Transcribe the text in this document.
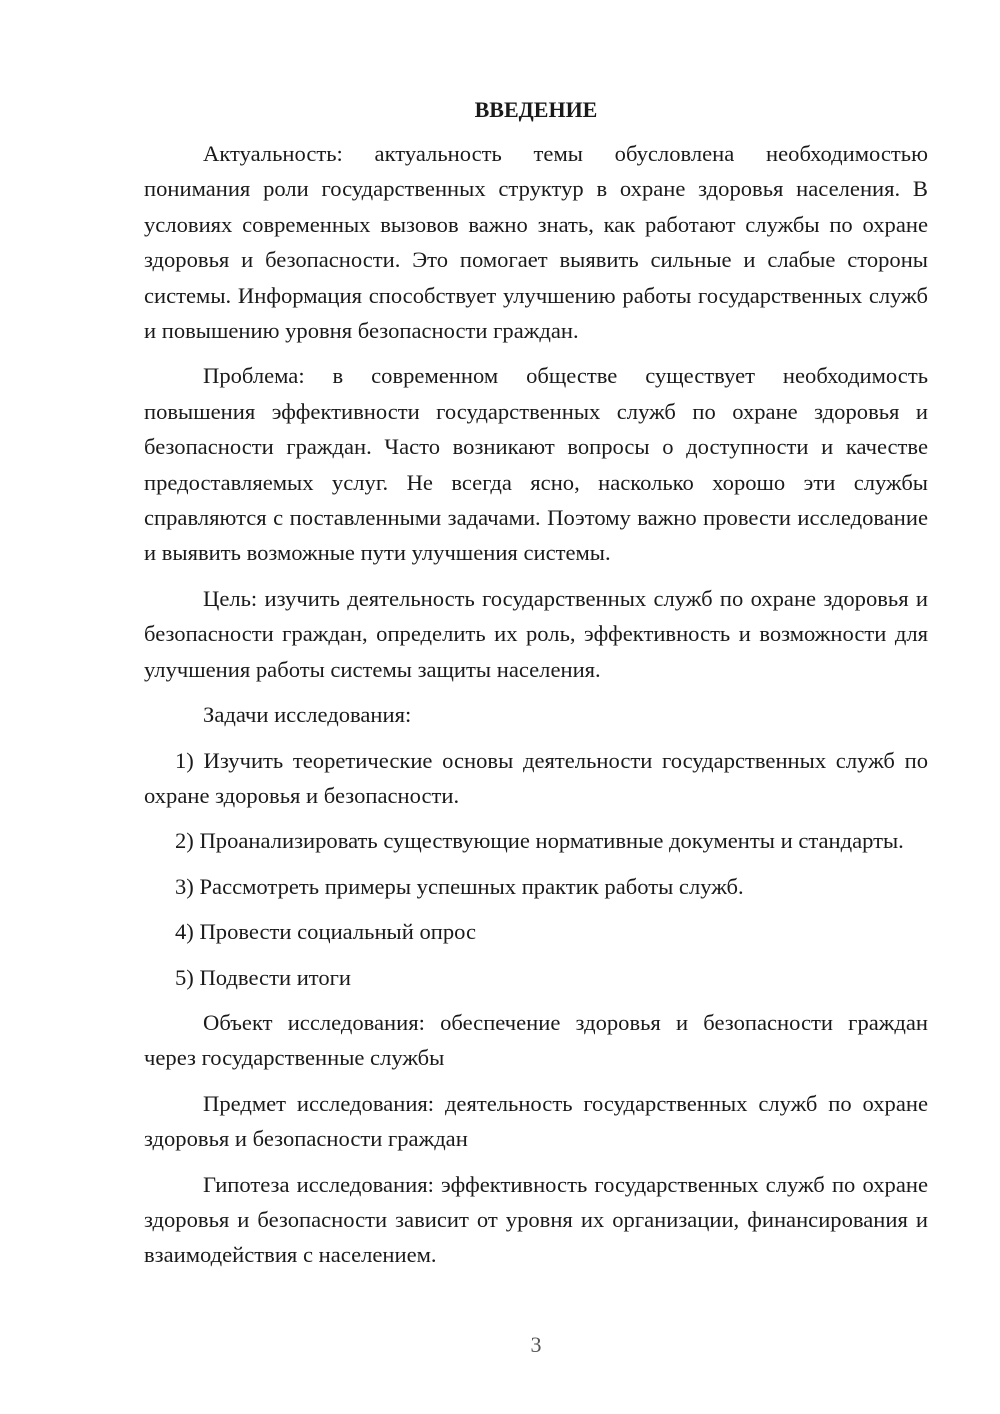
ВВЕДЕНИЕ

Актуальность: актуальность темы обусловлена необходимостью понимания роли государственных структур в охране здоровья населения. В условиях современных вызовов важно знать, как работают службы по охране здоровья и безопасности. Это помогает выявить сильные и слабые стороны системы. Информация способствует улучшению работы государственных служб и повышению уровня безопасности граждан.

Проблема: в современном обществе существует необходимость повышения эффективности государственных служб по охране здоровья и безопасности граждан. Часто возникают вопросы о доступности и качестве предоставляемых услуг. Не всегда ясно, насколько хорошо эти службы справляются с поставленными задачами. Поэтому важно провести исследование и выявить возможные пути улучшения системы.

Цель: изучить деятельность государственных служб по охране здоровья и безопасности граждан, определить их роль, эффективность и возможности для улучшения работы системы защиты населения.

Задачи исследования:

1) Изучить теоретические основы деятельности государственных служб по охране здоровья и безопасности.

2) Проанализировать существующие нормативные документы и стандарты.

3) Рассмотреть примеры успешных практик работы служб.

4) Провести социальный опрос

5) Подвести итоги

Объект исследования: обеспечение здоровья и безопасности граждан через государственные службы

Предмет исследования: деятельность государственных служб по охране здоровья и безопасности граждан

Гипотеза исследования: эффективность государственных служб по охране здоровья и безопасности зависит от уровня их организации, финансирования и взаимодействия с населением.

3
